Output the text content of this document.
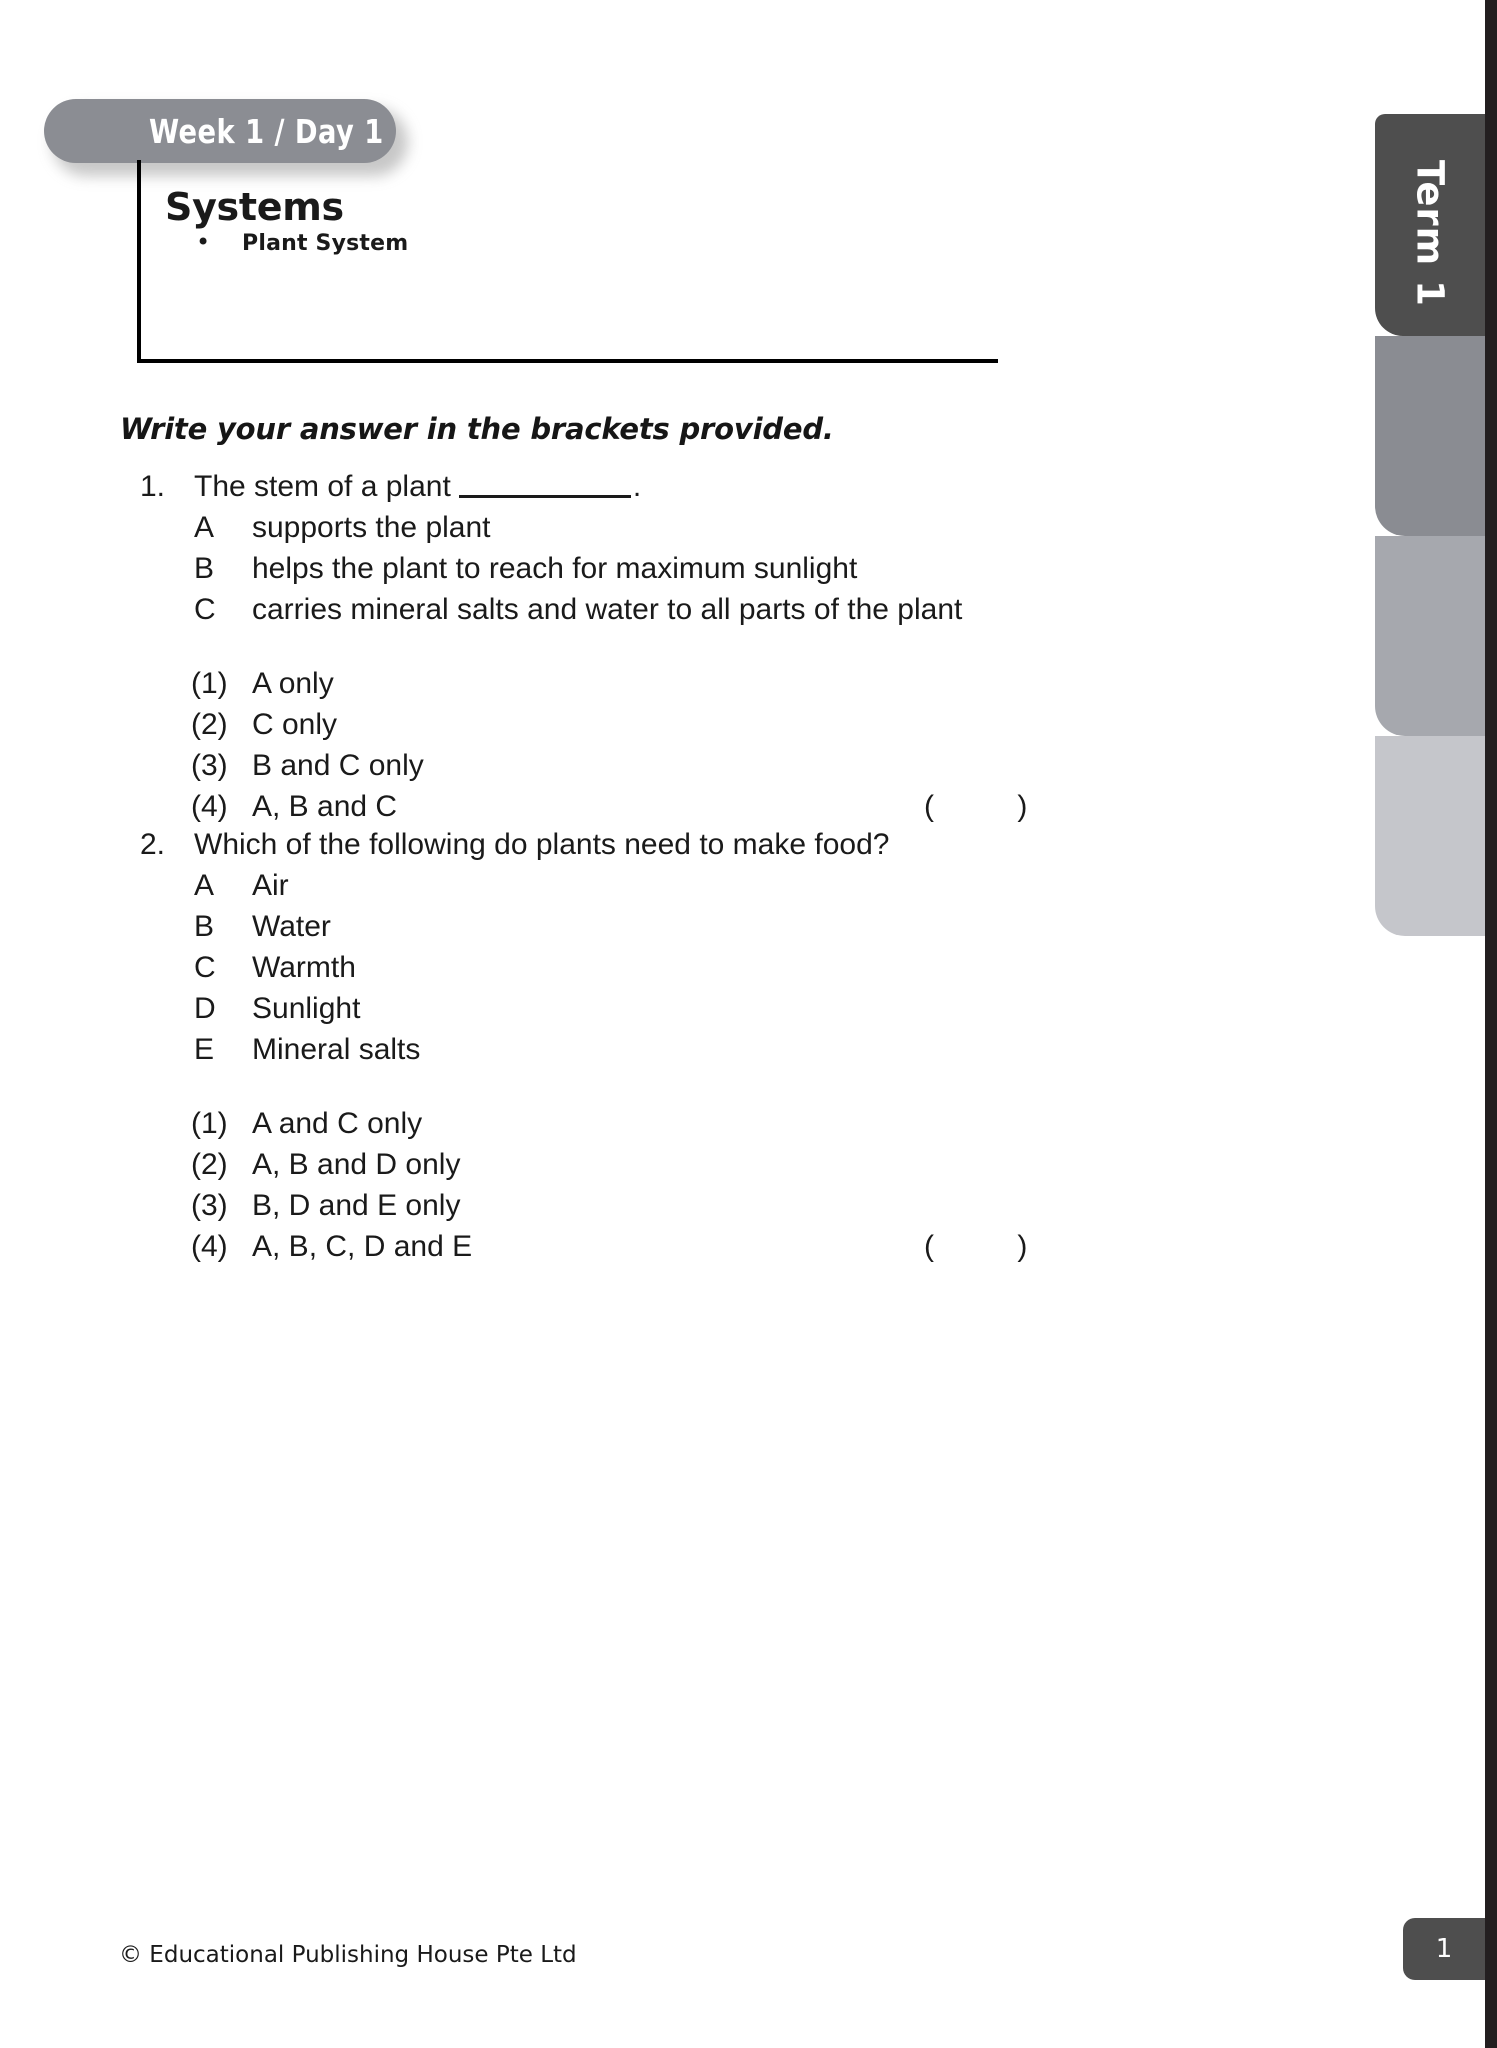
Term 1
1
Week 1 / Day 1
Systems
•	Plant System
Write your answer in the brackets provided.
1. The stem of a plant	.
A	supports the plant
B	helps the plant to reach for maximum sunlight
C	carries mineral salts and water to all parts of the plant
(1) A only
(2) C only
(3) B and C only
(4) A, B and C	(          )
2. Which of the following do plants need to make food?
A	Air
B	Water
C	Warmth
D	Sunlight
E	Mineral salts
(1) A and C only
(2) A, B and D only
(3) B, D and E only
(4) A, B, C, D and E	(          )
© Educational Publishing House Pte Ltd
